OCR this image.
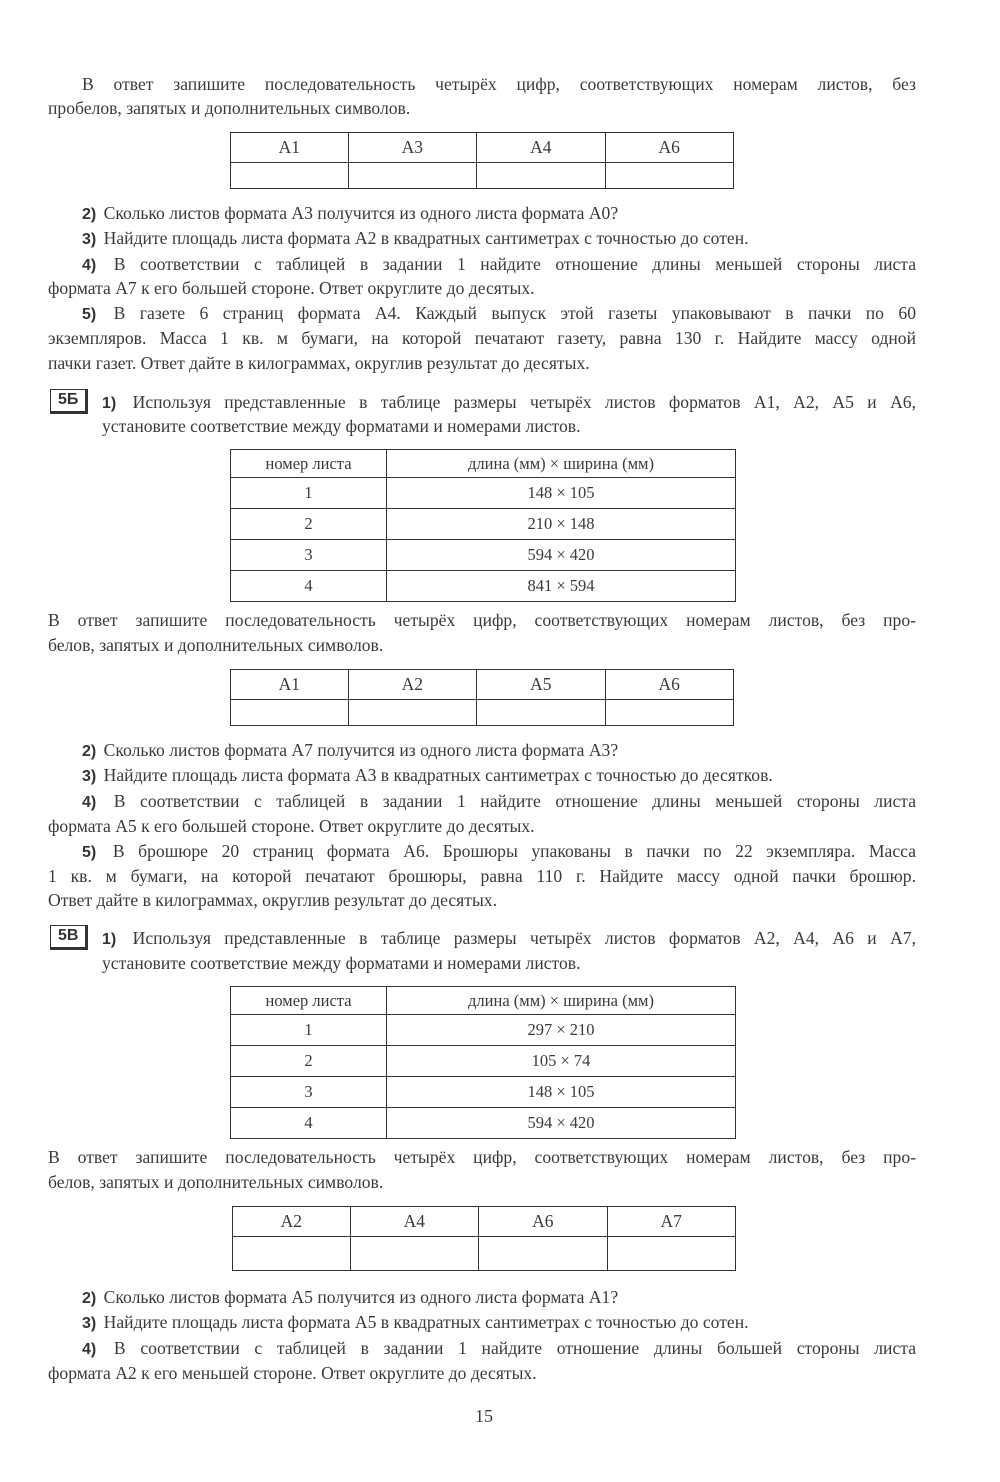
В ответ запишите последовательность четырёх цифр, соответствующих номерам листов, без

пробелов, запятых и дополнительных символов.

А1	А3	А4	А6

2) Сколько листов формата А3 получится из одного листа формата А0?

3) Найдите площадь листа формата А2 в квадратных сантиметрах с точностью до сотен.

4) В соответствии с таблицей в задании 1 найдите отношение длины меньшей стороны листа

формата А7 к его большей стороне. Ответ округлите до десятых.

5) В газете 6 страниц формата А4. Каждый выпуск этой газеты упаковывают в пачки по 60

экземпляров. Масса 1 кв. м бумаги, на которой печатают газету, равна 130 г. Найдите массу одной

пачки газет. Ответ дайте в килограммах, округлив результат до десятых.

5Б	1) Используя представленные в таблице размеры четырёх листов форматов А1, А2, А5 и А6,

установите соответствие между форматами и номерами листов.

номер листа	длина (мм) × ширина (мм)
1	148 × 105
2	210 × 148
3	594 × 420
4	841 × 594

В ответ запишите последовательность четырёх цифр, соответствующих номерам листов, без про-

белов, запятых и дополнительных символов.

А1	А2	А5	А6

2) Сколько листов формата А7 получится из одного листа формата А3?

3) Найдите площадь листа формата А3 в квадратных сантиметрах с точностью до десятков.

4) В соответствии с таблицей в задании 1 найдите отношение длины меньшей стороны листа

формата А5 к его большей стороне. Ответ округлите до десятых.

5) В брошюре 20 страниц формата А6. Брошюры упакованы в пачки по 22 экземпляра. Масса

1 кв. м бумаги, на которой печатают брошюры, равна 110 г. Найдите массу одной пачки брошюр.

Ответ дайте в килограммах, округлив результат до десятых.

5В	1) Используя представленные в таблице размеры четырёх листов форматов А2, А4, А6 и А7,

установите соответствие между форматами и номерами листов.

номер листа	длина (мм) × ширина (мм)
1	297 × 210
2	105 × 74
3	148 × 105
4	594 × 420

В ответ запишите последовательность четырёх цифр, соответствующих номерам листов, без про-

белов, запятых и дополнительных символов.

А2	А4	А6	А7

2) Сколько листов формата А5 получится из одного листа формата А1?

3) Найдите площадь листа формата А5 в квадратных сантиметрах с точностью до сотен.

4) В соответствии с таблицей в задании 1 найдите отношение длины большей стороны листа

формата А2 к его меньшей стороне. Ответ округлите до десятых.

15
